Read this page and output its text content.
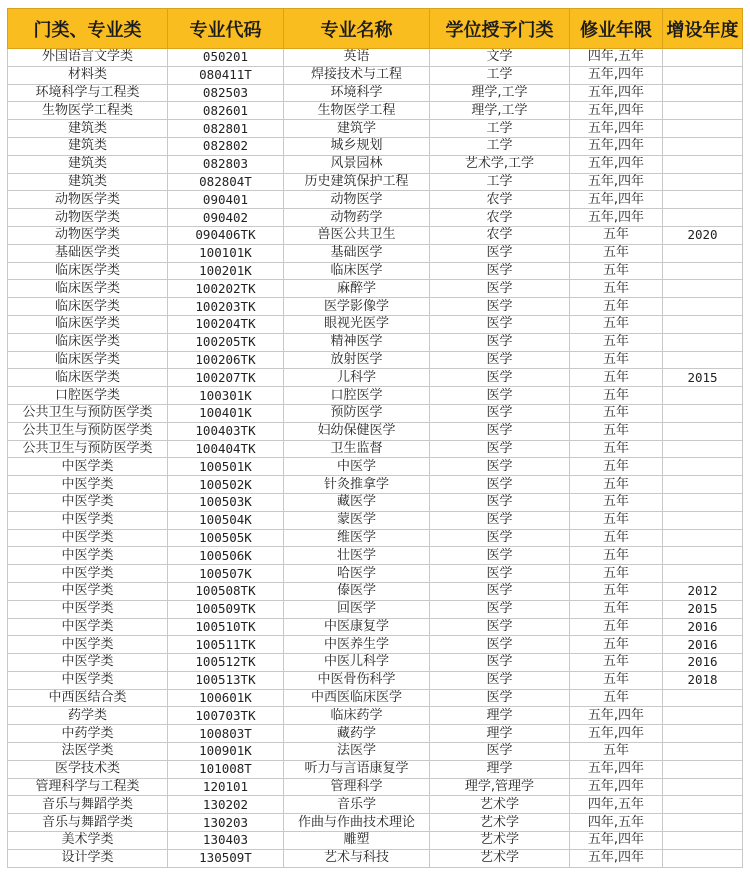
门类、专业类	专业代码	专业名称	学位授予门类	修业年限	增设年度
外国语言文学类	050201	英语	文学	四年,五年	
材料类	080411T	焊接技术与工程	工学	五年,四年	
环境科学与工程类	082503	环境科学	理学,工学	五年,四年	
生物医学工程类	082601	生物医学工程	理学,工学	五年,四年	
建筑类	082801	建筑学	工学	五年,四年	
建筑类	082802	城乡规划	工学	五年,四年	
建筑类	082803	风景园林	艺术学,工学	五年,四年	
建筑类	082804T	历史建筑保护工程	工学	五年,四年	
动物医学类	090401	动物医学	农学	五年,四年	
动物医学类	090402	动物药学	农学	五年,四年	
动物医学类	090406TK	兽医公共卫生	农学	五年	2020
基础医学类	100101K	基础医学	医学	五年	
临床医学类	100201K	临床医学	医学	五年	
临床医学类	100202TK	麻醉学	医学	五年	
临床医学类	100203TK	医学影像学	医学	五年	
临床医学类	100204TK	眼视光医学	医学	五年	
临床医学类	100205TK	精神医学	医学	五年	
临床医学类	100206TK	放射医学	医学	五年	
临床医学类	100207TK	儿科学	医学	五年	2015
口腔医学类	100301K	口腔医学	医学	五年	
公共卫生与预防医学类	100401K	预防医学	医学	五年	
公共卫生与预防医学类	100403TK	妇幼保健医学	医学	五年	
公共卫生与预防医学类	100404TK	卫生监督	医学	五年	
中医学类	100501K	中医学	医学	五年	
中医学类	100502K	针灸推拿学	医学	五年	
中医学类	100503K	藏医学	医学	五年	
中医学类	100504K	蒙医学	医学	五年	
中医学类	100505K	维医学	医学	五年	
中医学类	100506K	壮医学	医学	五年	
中医学类	100507K	哈医学	医学	五年	
中医学类	100508TK	傣医学	医学	五年	2012
中医学类	100509TK	回医学	医学	五年	2015
中医学类	100510TK	中医康复学	医学	五年	2016
中医学类	100511TK	中医养生学	医学	五年	2016
中医学类	100512TK	中医儿科学	医学	五年	2016
中医学类	100513TK	中医骨伤科学	医学	五年	2018
中西医结合类	100601K	中西医临床医学	医学	五年	
药学类	100703TK	临床药学	理学	五年,四年	
中药学类	100803T	藏药学	理学	五年,四年	
法医学类	100901K	法医学	医学	五年	
医学技术类	101008T	听力与言语康复学	理学	五年,四年	
管理科学与工程类	120101	管理科学	理学,管理学	五年,四年	
音乐与舞蹈学类	130202	音乐学	艺术学	四年,五年	
音乐与舞蹈学类	130203	作曲与作曲技术理论	艺术学	四年,五年	
美术学类	130403	雕塑	艺术学	五年,四年	
设计学类	130509T	艺术与科技	艺术学	五年,四年	
